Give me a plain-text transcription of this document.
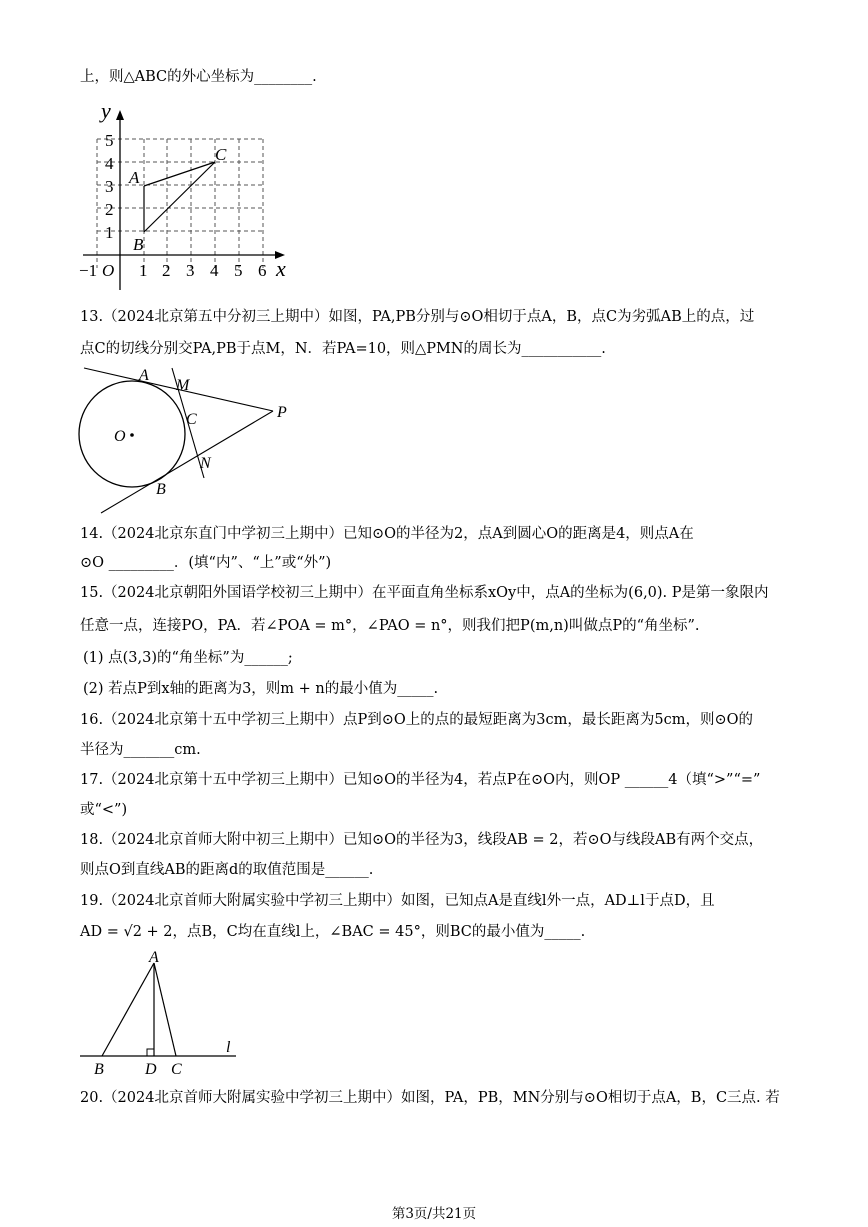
上，则△ABC的外心坐标为________.
y
x
O
5
4
3
2
1
−1 1 2 3 4 5 6
A
B
C
13.（2024北京第五中分初三上期中）如图，PA,PB分别与⊙O相切于点A，B，点C为劣弧AB上的点，过
点C的切线分别交PA,PB于点M，N．若PA=10，则△PMN的周长为___________.
O
A
M
C	P
N
B
14.（2024北京东直门中学初三上期中）已知⊙O的半径为2，点A到圆心O的距离是4，则点A在
⊙O _________．(填“内”、“上”或“外”)
15.（2024北京朝阳外国语学校初三上期中）在平面直角坐标系xOy中，点A的坐标为(6,0). P是第一象限内
任意一点，连接PO，PA．若∠POA = m°，∠PAO = n°，则我们把P(m,n)叫做点P的“角坐标”.
(1) 点(3,3)的“角坐标”为______;
(2) 若点P到x轴的距离为3，则m + n的最小值为_____.
16.（2024北京第十五中学初三上期中）点P到⊙O上的点的最短距离为3cm，最长距离为5cm，则⊙O的
半径为_______cm.
17.（2024北京第十五中学初三上期中）已知⊙O的半径为4，若点P在⊙O内，则OP ______4（填“>”“=”
或“<”)
18.（2024北京首师大附中初三上期中）已知⊙O的半径为3，线段AB = 2，若⊙O与线段AB有两个交点，
则点O到直线AB的距离d的取值范围是______.
19.（2024北京首师大附属实验中学初三上期中）如图，已知点A是直线l外一点，AD⊥l于点D，且
AD = √2 + 2，点B，C均在直线l上，∠BAC = 45°，则BC的最小值为_____.
A
B	D C
l
20.（2024北京首师大附属实验中学初三上期中）如图，PA，PB，MN分别与⊙O相切于点A，B，C三点. 若
第3页/共21页
